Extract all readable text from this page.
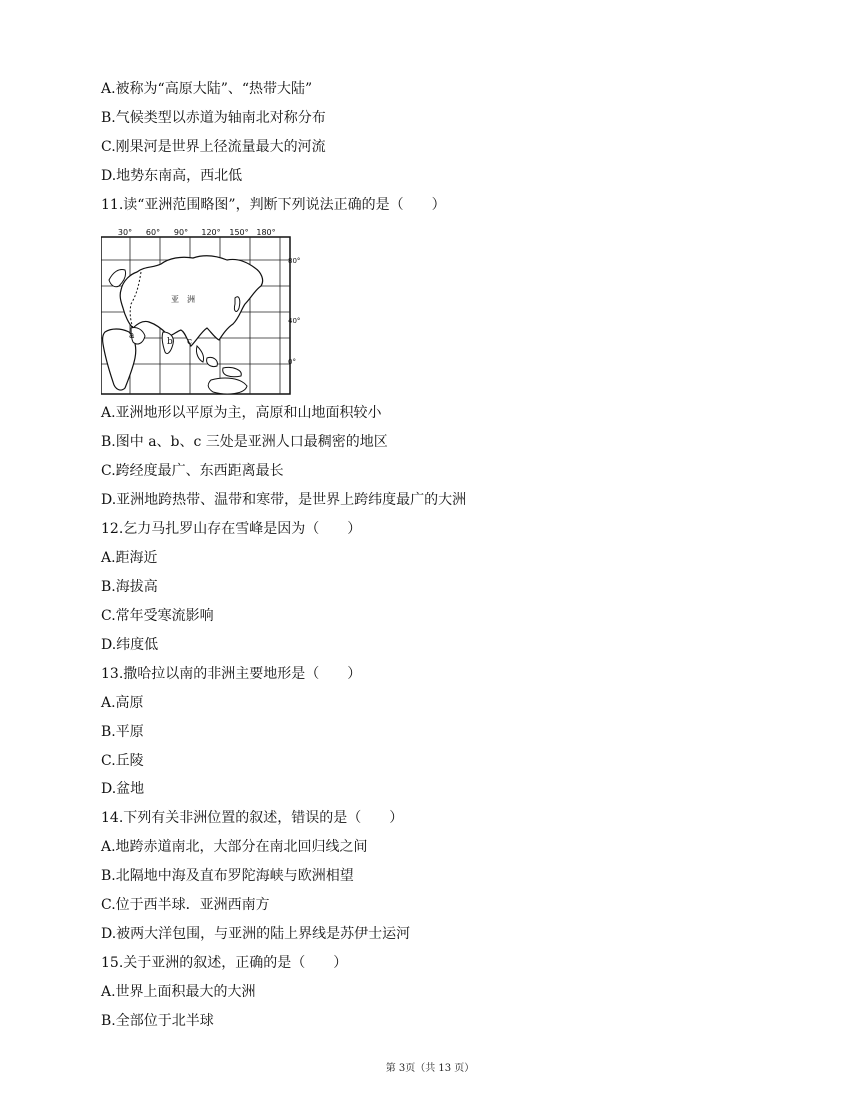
A.被称为“高原大陆”、“热带大陆”
B.气候类型以赤道为轴南北对称分布
C.刚果河是世界上径流量最大的河流
D.地势东南高，西北低
11.读“亚洲范围略图”，判断下列说法正确的是（　　）
30° 60° 90° 120° 150° 180°
80°
40°
0°
亚　洲
a
b c
A.亚洲地形以平原为主，高原和山地面积较小
B.图中 a、b、c 三处是亚洲人口最稠密的地区
C.跨经度最广、东西距离最长
D.亚洲地跨热带、温带和寒带，是世界上跨纬度最广的大洲
12.乞力马扎罗山存在雪峰是因为（　　）
A.距海近
B.海拔高
C.常年受寒流影响
D.纬度低
13.撒哈拉以南的非洲主要地形是（　　）
A.高原
B.平原
C.丘陵
D.盆地
14.下列有关非洲位置的叙述，错误的是（　　）
A.地跨赤道南北，大部分在南北回归线之间
B.北隔地中海及直布罗陀海峡与欧洲相望
C.位于西半球．亚洲西南方
D.被两大洋包围，与亚洲的陆上界线是苏伊士运河
15.关于亚洲的叙述，正确的是（　　）
A.世界上面积最大的大洲
B.全部位于北半球
第 3页（共 13 页）
